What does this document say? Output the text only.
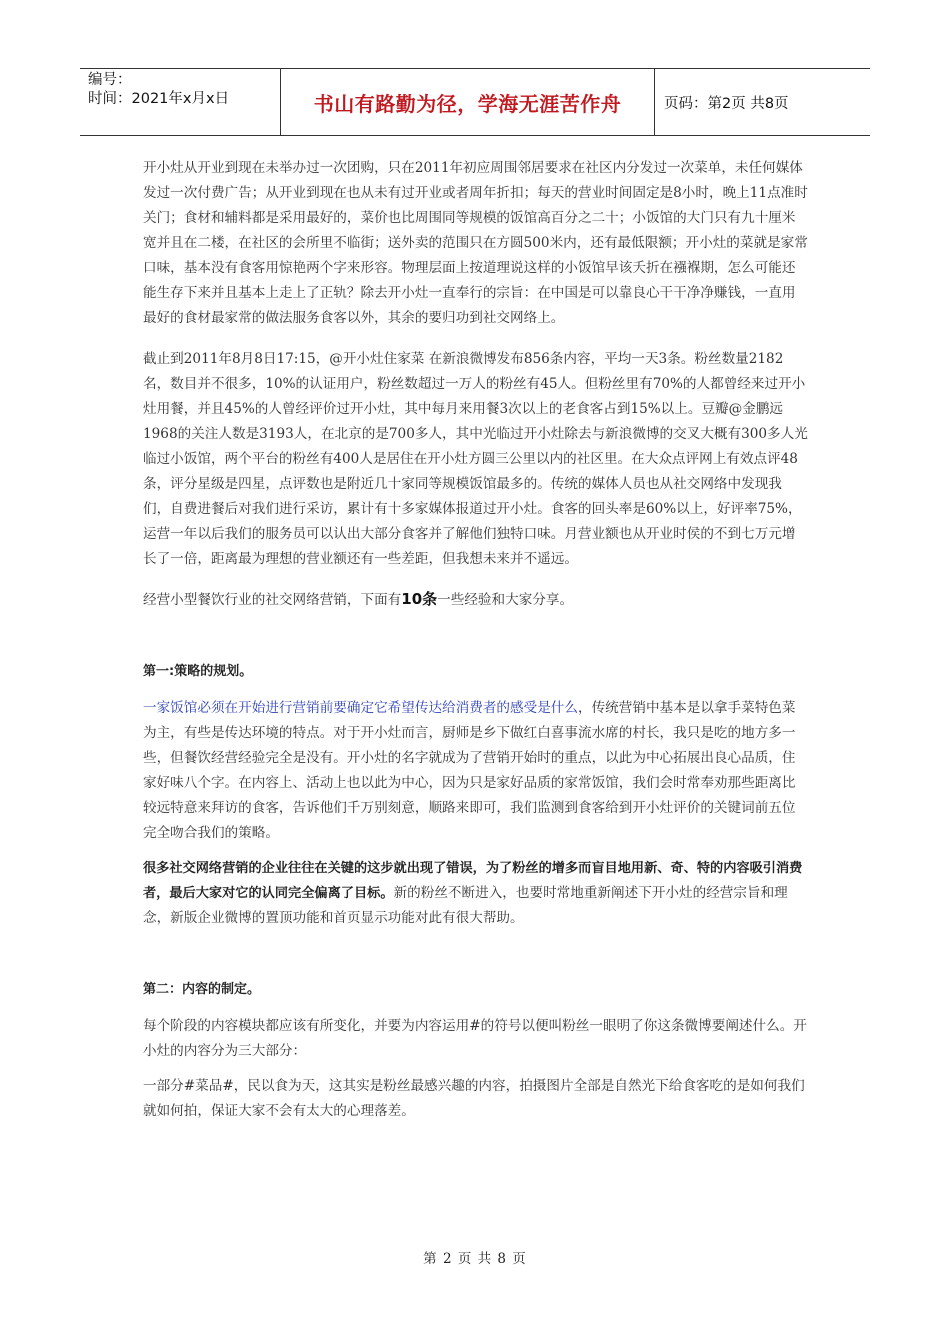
编号：
时间：2021年x月x日	书山有路勤为径，学海无涯苦作舟	页码：第2页 共8页

开小灶从开业到现在未举办过一次团购，只在2011年初应周围邻居要求在社区内分发过一次菜单，未任何媒体发过一次付费广告；从开业到现在也从未有过开业或者周年折扣；每天的营业时间固定是8小时，晚上11点准时关门；食材和辅料都是采用最好的，菜价也比周围同等规模的饭馆高百分之二十；小饭馆的大门只有九十厘米宽并且在二楼，在社区的会所里不临街；送外卖的范围只在方圆500米内，还有最低限额；开小灶的菜就是家常口味，基本没有食客用惊艳两个字来形容。物理层面上按道理说这样的小饭馆早该夭折在襁褓期，怎么可能还能生存下来并且基本上走上了正轨？除去开小灶一直奉行的宗旨：在中国是可以靠良心干干净净赚钱，一直用最好的食材最家常的做法服务食客以外，其余的要归功到社交网络上。

截止到2011年8月8日17:15，@开小灶住家菜 在新浪微博发布856条内容，平均一天3条。粉丝数量2182名，数目并不很多，10%的认证用户，粉丝数超过一万人的粉丝有45人。但粉丝里有70%的人都曾经来过开小灶用餐，并且45%的人曾经评价过开小灶，其中每月来用餐3次以上的老食客占到15%以上。豆瓣@金鹏远1968的关注人数是3193人，在北京的是700多人，其中光临过开小灶除去与新浪微博的交叉大概有300多人光临过小饭馆，两个平台的粉丝有400人是居住在开小灶方圆三公里以内的社区里。在大众点评网上有效点评48条，评分星级是四星，点评数也是附近几十家同等规模饭馆最多的。传统的媒体人员也从社交网络中发现我们，自费进餐后对我们进行采访，累计有十多家媒体报道过开小灶。食客的回头率是60%以上，好评率75%，运营一年以后我们的服务员可以认出大部分食客并了解他们独特口味。月营业额也从开业时侯的不到七万元增长了一倍，距离最为理想的营业额还有一些差距，但我想未来并不遥远。

经营小型餐饮行业的社交网络营销，下面有10条一些经验和大家分享。

第一:策略的规划。

一家饭馆必须在开始进行营销前要确定它希望传达给消费者的感受是什么，传统营销中基本是以拿手菜特色菜为主，有些是传达环境的特点。对于开小灶而言，厨师是乡下做红白喜事流水席的村长，我只是吃的地方多一些，但餐饮经营经验完全是没有。开小灶的名字就成为了营销开始时的重点，以此为中心拓展出良心品质，住家好味八个字。在内容上、活动上也以此为中心，因为只是家好品质的家常饭馆，我们会时常奉劝那些距离比较远特意来拜访的食客，告诉他们千万别刻意，顺路来即可，我们监测到食客给到开小灶评价的关键词前五位完全吻合我们的策略。

很多社交网络营销的企业往往在关键的这步就出现了错误，为了粉丝的增多而盲目地用新、奇、特的内容吸引消费者，最后大家对它的认同完全偏离了目标。新的粉丝不断进入，也要时常地重新阐述下开小灶的经营宗旨和理念，新版企业微博的置顶功能和首页显示功能对此有很大帮助。

第二：内容的制定。

每个阶段的内容模块都应该有所变化，并要为内容运用#的符号以便叫粉丝一眼明了你这条微博要阐述什么。开小灶的内容分为三大部分：

一部分#菜品#，民以食为天，这其实是粉丝最感兴趣的内容，拍摄图片全部是自然光下给食客吃的是如何我们就如何拍，保证大家不会有太大的心理落差。

第 2 页 共 8 页
